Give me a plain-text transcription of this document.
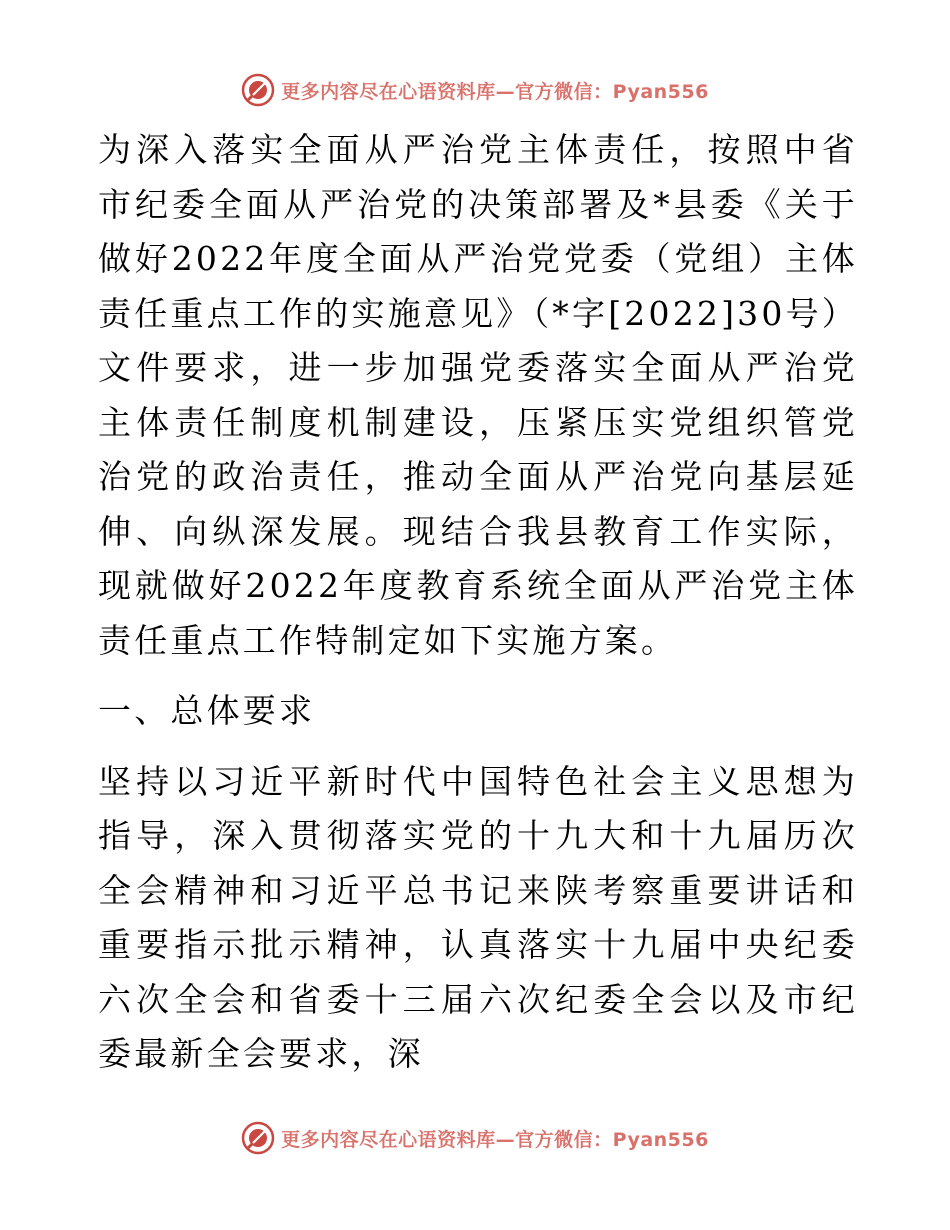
更多内容尽在心语资料库—官方微信：Pyan556

为深入落实全面从严治党主体责任，按照中省市纪委全面从严治党的决策部署及*县委《关于做好2022年度全面从严治党党委（党组）主体责任重点工作的实施意见》（*字[2022]30号）文件要求，进一步加强党委落实全面从严治党主体责任制度机制建设，压紧压实党组织管党治党的政治责任，推动全面从严治党向基层延伸、向纵深发展。现结合我县教育工作实际，现就做好2022年度教育系统全面从严治党主体责任重点工作特制定如下实施方案。

一、总体要求

坚持以习近平新时代中国特色社会主义思想为指导，深入贯彻落实党的十九大和十九届历次全会精神和习近平总书记来陕考察重要讲话和重要指示批示精神，认真落实十九届中央纪委六次全会和省委十三届六次纪委全会以及市纪委最新全会要求，深

更多内容尽在心语资料库—官方微信：Pyan556
